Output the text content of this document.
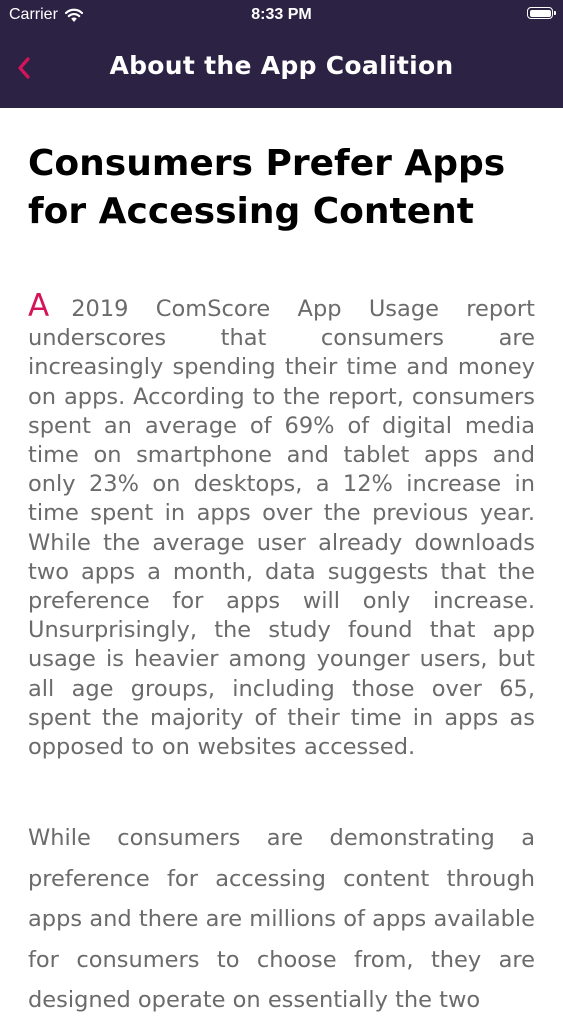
Carrier	8:33 PM
About the App Coalition
Consumers Prefer Apps for Accessing Content

A 2019 ComScore App Usage report underscores that consumers are increasingly spending their time and money on apps. According to the report, consumers spent an average of 69% of digital media time on smartphone and tablet apps and only 23% on desktops, a 12% increase in time spent in apps over the previous year. While the average user already downloads two apps a month, data suggests that the preference for apps will only increase. Unsurprisingly, the study found that app usage is heavier among younger users, but all age groups, including those over 65, spent the majority of their time in apps as opposed to on websites accessed.

While consumers are demonstrating a preference for accessing content through apps and there are millions of apps available for consumers to choose from, they are designed operate on essentially the two
